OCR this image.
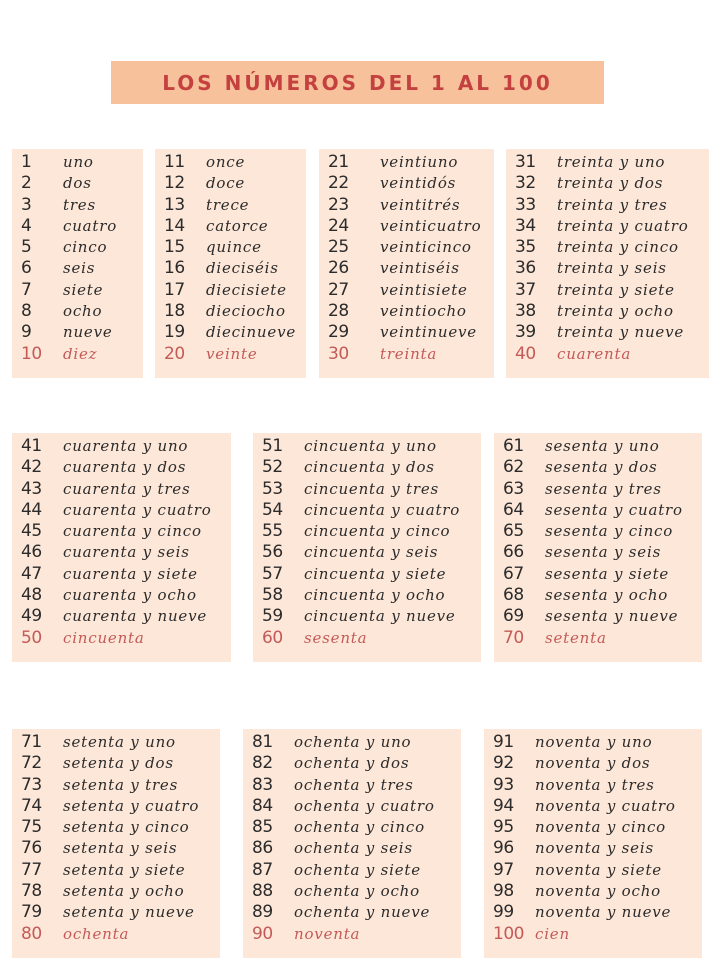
LOS NÚMEROS DEL 1 AL 100
1	uno
2	dos
3	tres
4	cuatro
5	cinco
6	seis
7	siete
8	ocho
9	nueve
10	diez
11	once
12	doce
13	trece
14	catorce
15	quince
16	dieciséis
17	diecisiete
18	dieciocho
19	diecinueve
20	veinte
21	veintiuno
22	veintidós
23	veintitrés
24	veinticuatro
25	veinticinco
26	veintiséis
27	veintisiete
28	veintiocho
29	veintinueve
30	treinta
31	treinta y uno
32	treinta y dos
33	treinta y tres
34	treinta y cuatro
35	treinta y cinco
36	treinta y seis
37	treinta y siete
38	treinta y ocho
39	treinta y nueve
40	cuarenta
41	cuarenta y uno
42	cuarenta y dos
43	cuarenta y tres
44	cuarenta y cuatro
45	cuarenta y cinco
46	cuarenta y seis
47	cuarenta y siete
48	cuarenta y ocho
49	cuarenta y nueve
50	cincuenta
51	cincuenta y uno
52	cincuenta y dos
53	cincuenta y tres
54	cincuenta y cuatro
55	cincuenta y cinco
56	cincuenta y seis
57	cincuenta y siete
58	cincuenta y ocho
59	cincuenta y nueve
60	sesenta
61	sesenta y uno
62	sesenta y dos
63	sesenta y tres
64	sesenta y cuatro
65	sesenta y cinco
66	sesenta y seis
67	sesenta y siete
68	sesenta y ocho
69	sesenta y nueve
70	setenta
71	setenta y uno
72	setenta y dos
73	setenta y tres
74	setenta y cuatro
75	setenta y cinco
76	setenta y seis
77	setenta y siete
78	setenta y ocho
79	setenta y nueve
80	ochenta
81	ochenta y uno
82	ochenta y dos
83	ochenta y tres
84	ochenta y cuatro
85	ochenta y cinco
86	ochenta y seis
87	ochenta y siete
88	ochenta y ocho
89	ochenta y nueve
90	noventa
91	noventa y uno
92	noventa y dos
93	noventa y tres
94	noventa y cuatro
95	noventa y cinco
96	noventa y seis
97	noventa y siete
98	noventa y ocho
99	noventa y nueve
100 cien
